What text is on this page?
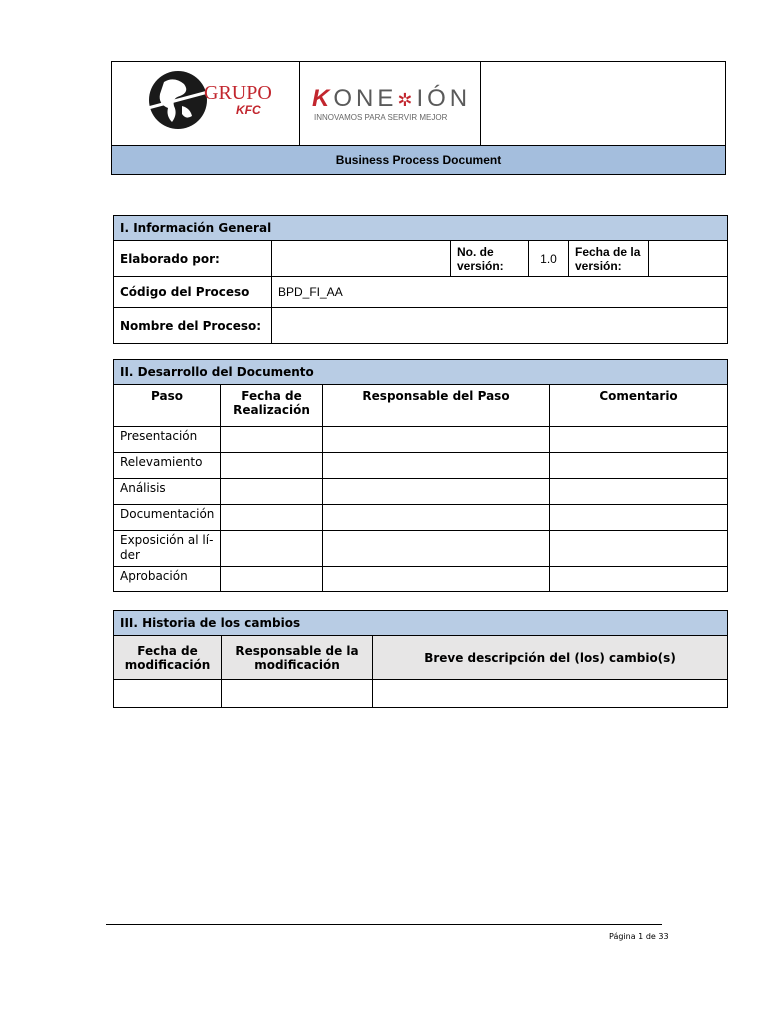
GRUPO
KFC	KONE✲IÓN
INNOVAMOS PARA SERVIR MEJOR

Business Process Document
I. Información General					
Elaborado por:		No. de versión:	1.0	Fecha de la versión:	
Código del Proceso	BPD_FI_AA				
Nombre del Proceso:					
II. Desarrollo del Documento			
Paso	Fecha de Realización	Responsable del Paso	Comentario
Presentación			
Relevamiento			
Análisis			
Documentación			
Exposición al lí-der			
Aprobación			
III. Historia de los cambios		
Fecha de modificación	Responsable de la modificación	Breve descripción del (los) cambio(s)

Página 1 de 33
